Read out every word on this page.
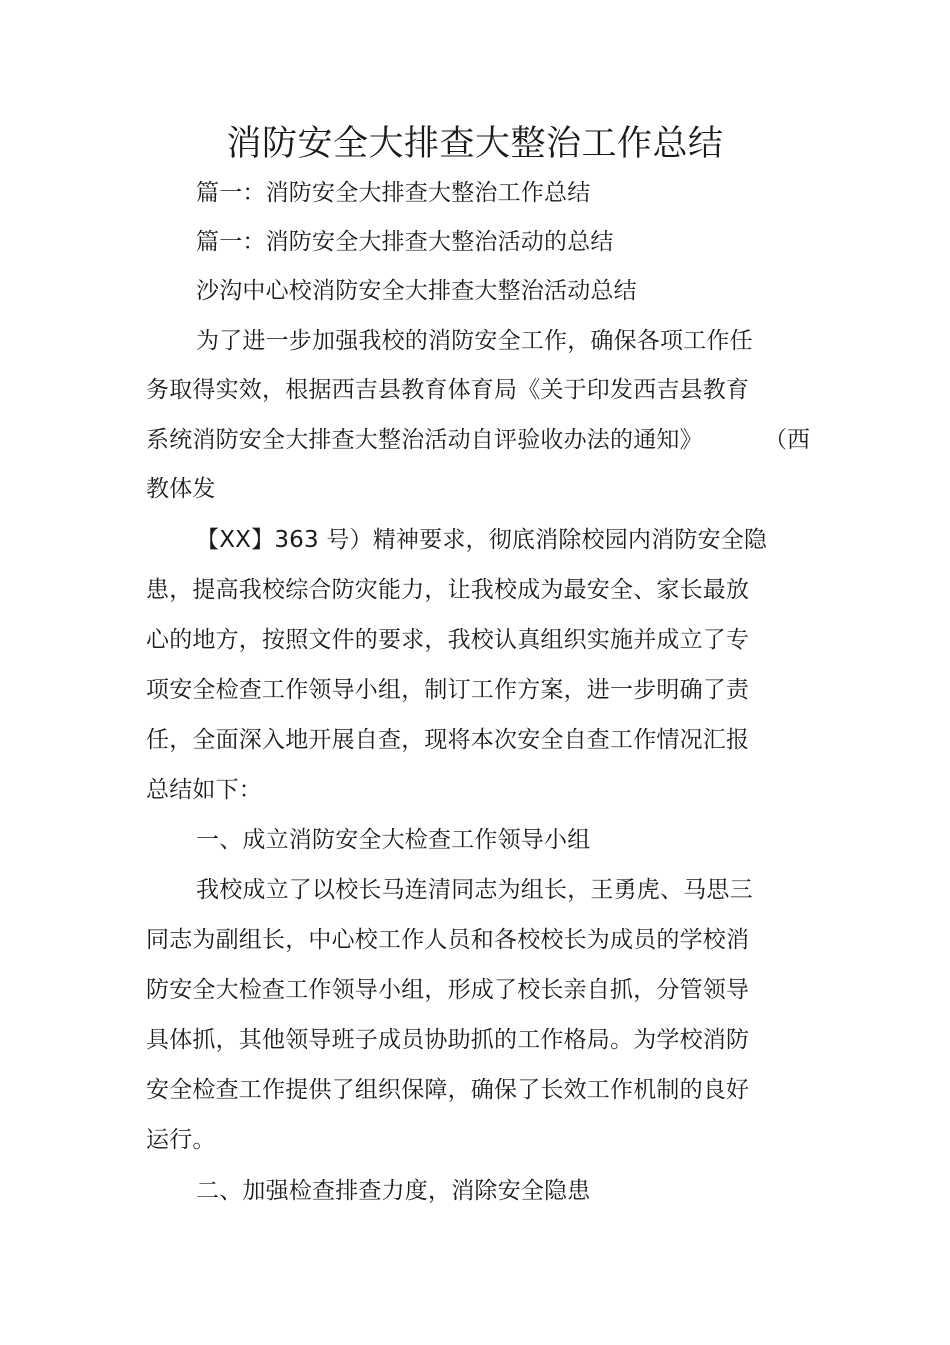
消防安全大排查大整治工作总结
篇一：消防安全大排查大整治工作总结
篇一：消防安全大排查大整治活动的总结
沙沟中心校消防安全大排查大整治活动总结
为了进一步加强我校的消防安全工作，确保各项工作任
务取得实效，根据西吉县教育体育局《关于印发西吉县教育
系统消防安全大排查大整治活动自评验收办法的通知》	（西
教体发
【XX】363 号）精神要求，彻底消除校园内消防安全隐
患，提高我校综合防灾能力，让我校成为最安全、家长最放
心的地方，按照文件的要求，我校认真组织实施并成立了专
项安全检查工作领导小组，制订工作方案，进一步明确了责
任，全面深入地开展自查，现将本次安全自查工作情况汇报
总结如下：
一、成立消防安全大检查工作领导小组
我校成立了以校长马连清同志为组长，王勇虎、马思三
同志为副组长，中心校工作人员和各校校长为成员的学校消
防安全大检查工作领导小组，形成了校长亲自抓，分管领导
具体抓，其他领导班子成员协助抓的工作格局。为学校消防
安全检查工作提供了组织保障，确保了长效工作机制的良好
运行。
二、加强检查排查力度，消除安全隐患
